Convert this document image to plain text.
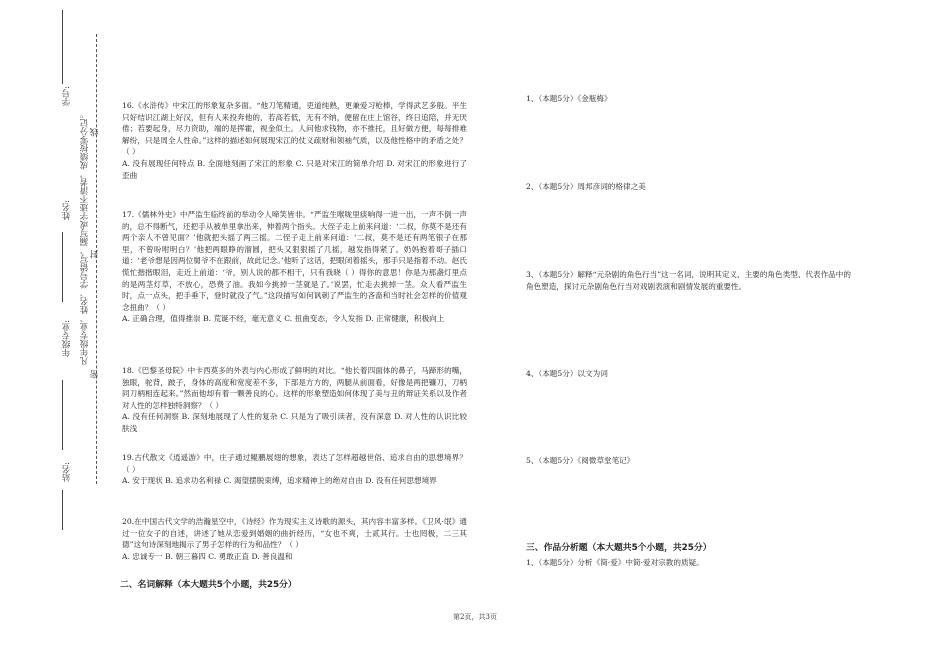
学号:
凡年级专业、姓名、学号错写、漏写或字迹不清者，成绩按零分记。 线
姓名:
封
年级专业:
密
站名:

16.《水浒传》中宋江的形象复杂多面。“他刀笔精通，吏道纯熟，更兼爱习枪棒，学得武艺多般。平生只好结识江湖上好汉，但有人来投奔他的，若高若低，无有不纳，便留在庄上馆谷，终日追陪，并无厌倦；若要起身，尽力资助，端的是挥霍，视金似土。人问他求钱物，亦不推托，且好做方便，每每排难解纷，只是周全人性命。”这样的描述如何展现宋江的仗义疏财和领袖气质，以及他性格中的矛盾之处？（ ）

A. 没有展现任何特点 B. 全面地刻画了宋江的形象 C. 只是对宋江的简单介绍 D. 对宋江的形象进行了歪曲

17.《儒林外史》中严监生临终前的举动令人啼笑皆非。“严监生喉咙里痰响得一进一出，一声不倒一声的，总不得断气，还把手从被单里拿出来，伸着两个指头。大侄子走上前来问道：‘二叔，你莫不是还有两个亲人不曾见面？’他就把头摇了两三摇。二侄子走上前来问道：‘二叔，莫不是还有两笔银子在那里，不曾吩咐明白？’他把两眼睁的溜圆，把头又狠狠摇了几摇，越发指得紧了。奶妈抱着哥子插口道：‘老爷想是因两位舅爷不在跟前，故此记念。’他听了这话，把眼闭着摇头，那手只是指着不动。赵氏慌忙揩揩眼泪，走近上前道：‘爷，别人说的都不相干，只有我晓（ ）得你的意思！你是为那盏灯里点的是两茎灯草，不放心，恐费了油。我如今挑掉一茎就是了。’说罢，忙走去挑掉一茎。众人看严监生时，点一点头，把手垂下，登时就没了气。”这段描写如何讽刺了严监生的吝啬和当时社会怎样的价值观念扭曲？（ ）

A. 正确合理，值得推崇 B. 荒诞不经，毫无意义 C. 扭曲变态，令人发指 D. 正常健康，积极向上

18.《巴黎圣母院》中卡西莫多的外表与内心形成了鲜明的对比。“他长着四面体的鼻子，马蹄形的嘴，独眼，驼背，跛子，身体的高度和宽度差不多，下部是方方的，两腿从前面看，好像是两把镰刀，刀柄同刀柄相连起来。”然而他却有着一颗善良的心。这样的形象塑造如何体现了美与丑的辩证关系以及作者对人性的怎样独特洞察？（ ）

A. 没有任何洞察 B. 深刻地展现了人性的复杂 C. 只是为了吸引读者，没有深意 D. 对人性的认识比较肤浅

19.古代散文《逍遥游》中，庄子通过鲲鹏展翅的想象，表达了怎样超越世俗、追求自由的思想境界？（ ）

A. 安于现状 B. 追求功名利禄 C. 渴望摆脱束缚，追求精神上的绝对自由 D. 没有任何思想境界

20.在中国古代文学的浩瀚星空中，《诗经》作为现实主义诗歌的源头，其内容丰富多样。《卫风·氓》通过一位女子的自述，讲述了她从恋爱到婚姻的曲折经历，“女也不爽，士贰其行。士也罔极，二三其德”这句诗深刻地揭示了男子怎样的行为和品性？（ ）

A. 忠诚专一 B. 朝三暮四 C. 勇敢正直 D. 善良温和

二、名词解释（本大题共5个小题，共25分）
1、（本题5分）《金瓶梅》
2、（本题5分）周邦彦词的格律之美
3、（本题5分）解释“元杂剧的角色行当”这一名词，说明其定义、主要的角色类型、代表作品中的角色塑造，探讨元杂剧角色行当对戏剧表演和剧情发展的重要性。
4、（本题5分）以文为词
5、（本题5分）《阅微草堂笔记》
三、作品分析题（本大题共5个小题，共25分）
1、（本题5分）分析《简·爱》中简·爱对宗教的质疑。
第2页，共3页
